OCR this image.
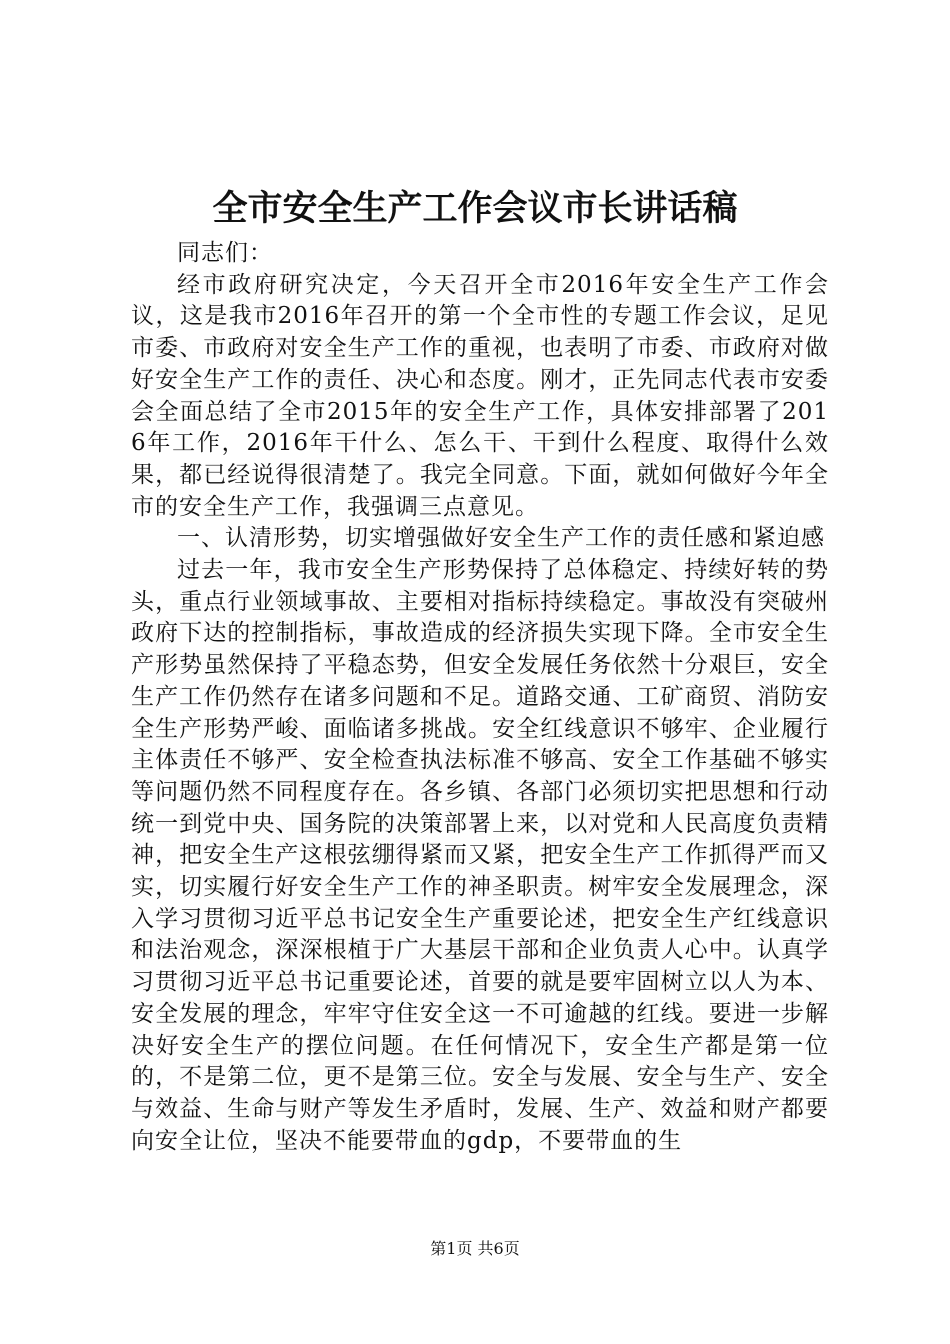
全市安全生产工作会议市长讲话稿

同志们：

经市政府研究决定，今天召开全市2016年安全生产工作会议，这是我市2016年召开的第一个全市性的专题工作会议，足见市委、市政府对安全生产工作的重视，也表明了市委、市政府对做好安全生产工作的责任、决心和态度。刚才，正先同志代表市安委会全面总结了全市2015年的安全生产工作，具体安排部署了2016年工作，2016年干什么、怎么干、干到什么程度、取得什么效果，都已经说得很清楚了。我完全同意。下面，就如何做好今年全市的安全生产工作，我强调三点意见。

一、认清形势，切实增强做好安全生产工作的责任感和紧迫感

过去一年，我市安全生产形势保持了总体稳定、持续好转的势头，重点行业领域事故、主要相对指标持续稳定。事故没有突破州政府下达的控制指标，事故造成的经济损失实现下降。全市安全生产形势虽然保持了平稳态势，但安全发展任务依然十分艰巨，安全生产工作仍然存在诸多问题和不足。道路交通、工矿商贸、消防安全生产形势严峻、面临诸多挑战。安全红线意识不够牢、企业履行主体责任不够严、安全检查执法标准不够高、安全工作基础不够实等问题仍然不同程度存在。各乡镇、各部门必须切实把思想和行动统一到党中央、国务院的决策部署上来，以对党和人民高度负责精神，把安全生产这根弦绷得紧而又紧，把安全生产工作抓得严而又实，切实履行好安全生产工作的神圣职责。树牢安全发展理念，深入学习贯彻习近平总书记安全生产重要论述，把安全生产红线意识和法治观念，深深根植于广大基层干部和企业负责人心中。认真学习贯彻习近平总书记重要论述，首要的就是要牢固树立以人为本、安全发展的理念，牢牢守住安全这一不可逾越的红线。要进一步解决好安全生产的摆位问题。在任何情况下，安全生产都是第一位的，不是第二位，更不是第三位。安全与发展、安全与生产、安全与效益、生命与财产等发生矛盾时，发展、生产、效益和财产都要向安全让位，坚决不能要带血的gdp，不要带血的生

第1页 共6页
